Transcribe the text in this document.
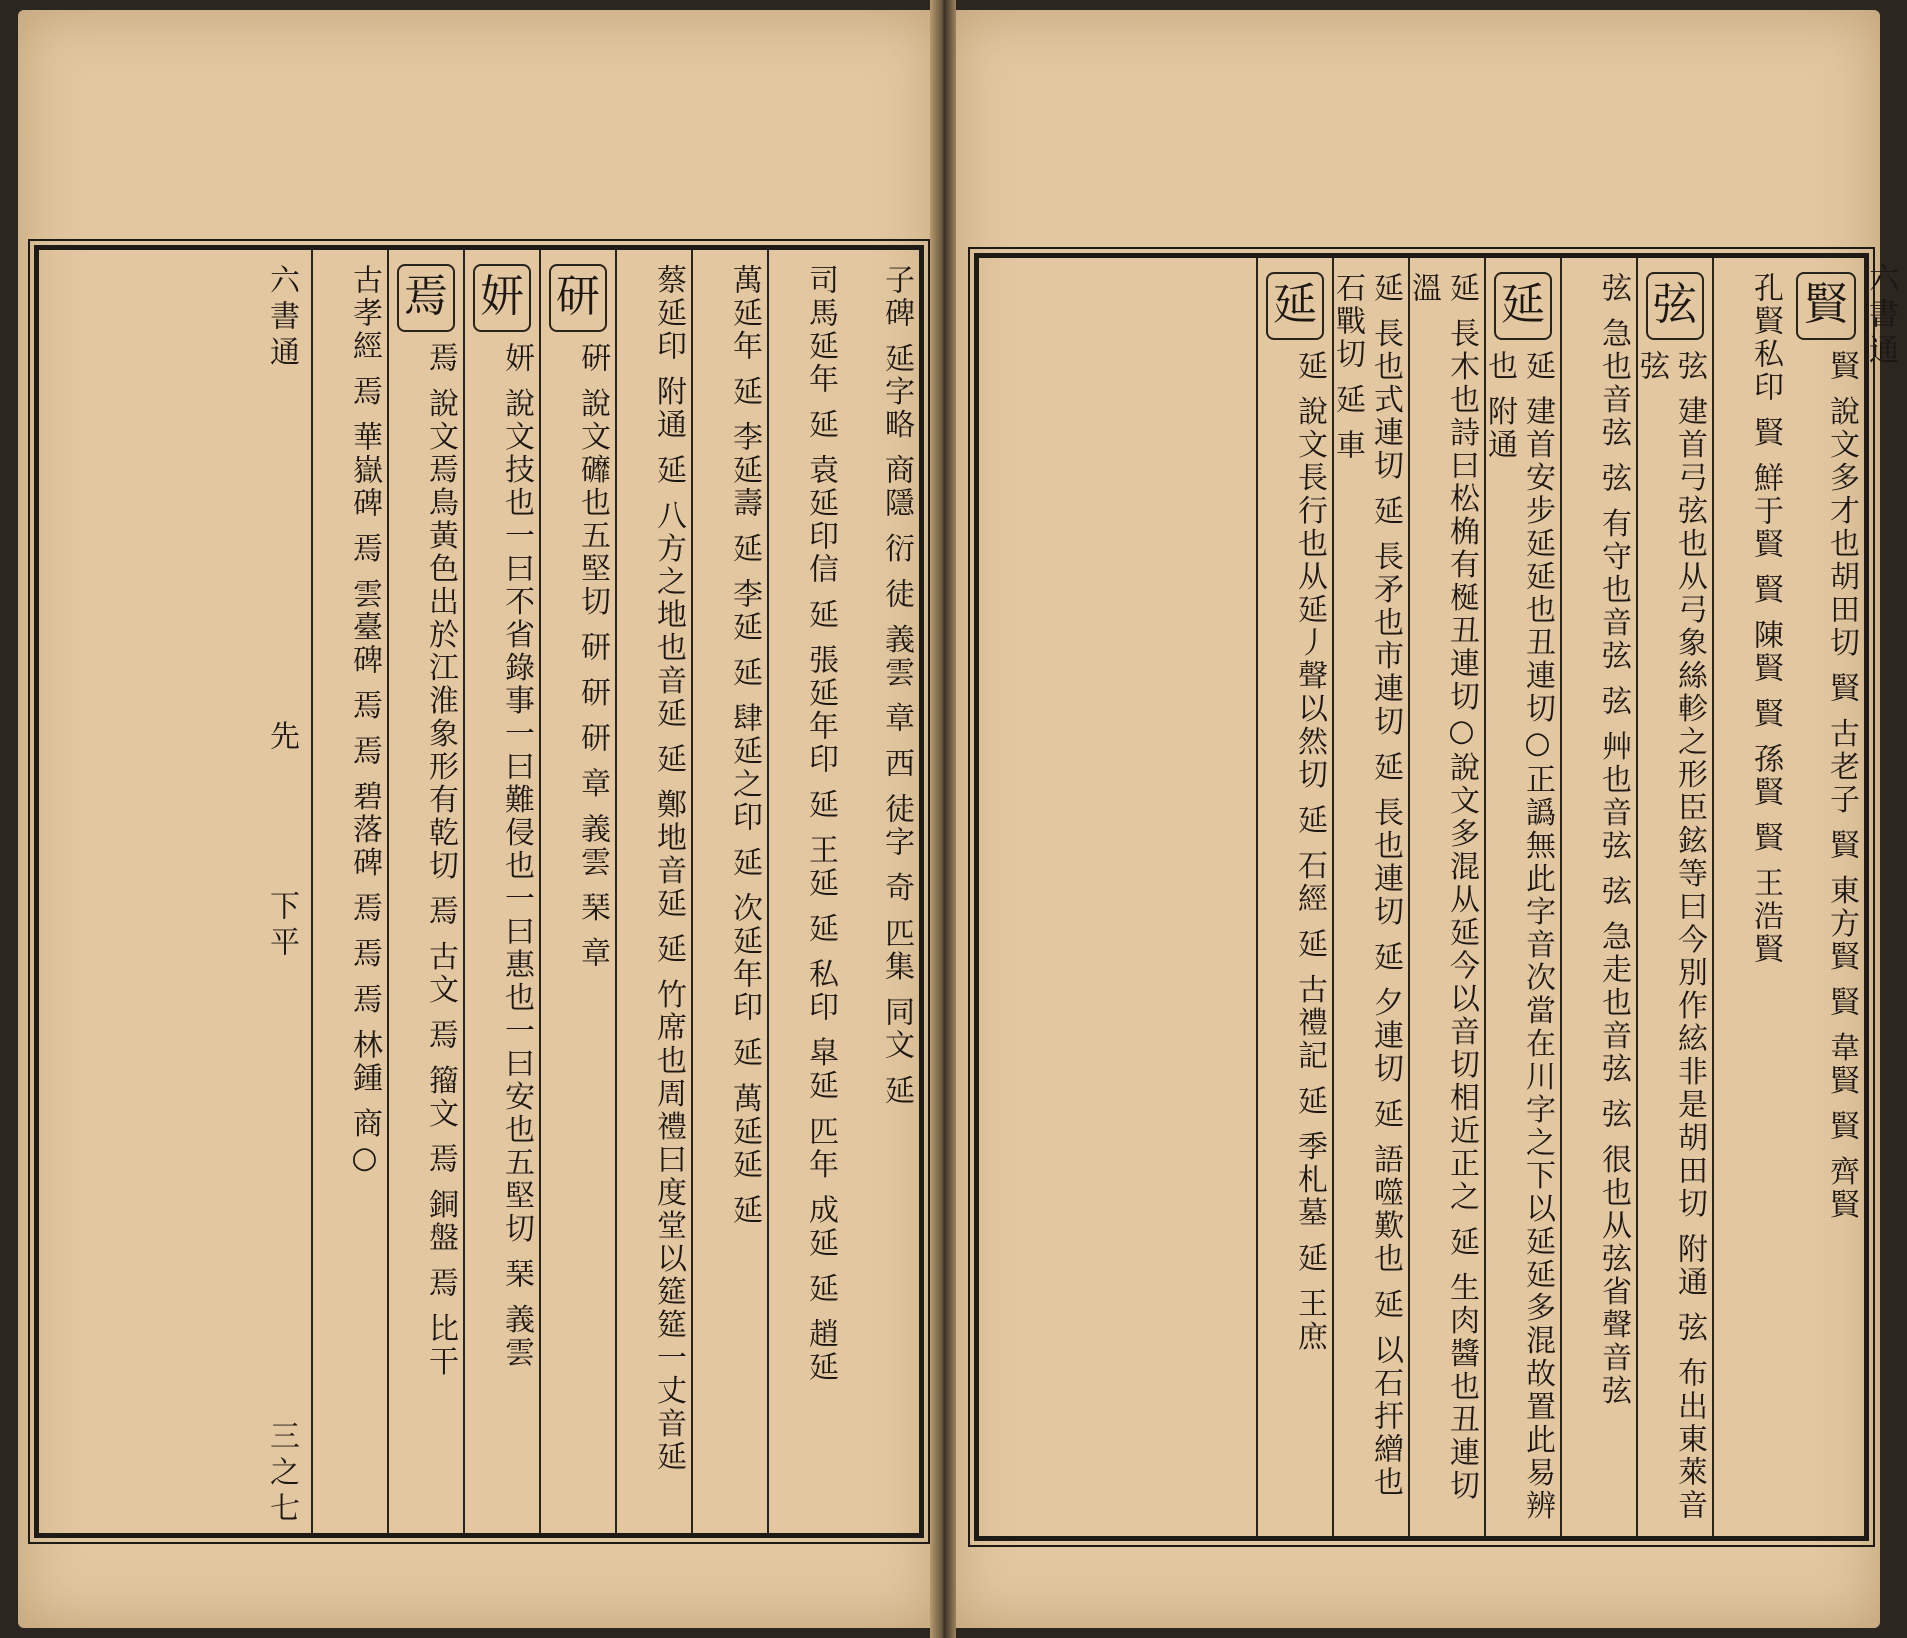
子碑 延字略 商隱 衍 徒 義雲 章 西 徒字 奇 匹集 同文 延
司馬延年 延 袁延印信 延 張延年印 延 王延 延 私印 皐延 匹年 成延 延 趙延
萬延年 延 李延壽 延 李延 延 肆延之印 延 次延年印 延 萬延延 延
蔡延印 附通 延 八方之地也音延 延 鄭地音延 延 竹席也周禮曰度堂以筵筵一丈音延
研
硏 說文䃺也五堅切 研 研 研 章 義雲 琹 章
妍
妍 說文技也一曰不省錄事一曰難侵也一曰惠也一曰安也五堅切 琹 義雲
焉
焉 說文焉鳥黃色出於江淮象形有乾切 焉 古文 焉 籀文 焉 銅盤 焉 比干
古孝經 焉 華嶽碑 焉 雲臺碑 焉 焉 碧落碑 焉 焉 焉 林鍾 商○
六書通
先
下平
三之七
賢
賢 說文多才也胡田切 賢 古老子 賢 東方賢 賢 韋賢 賢 齊賢
孔賢私印 賢 鮮于賢 賢 陳賢 賢 孫賢 賢 王浩賢
弦
弦 建首弓弦也从弓象絲軫之形臣鉉等曰今別作絃非是胡田切 附通 弦 布出東萊音弦
弦 急也音弦 弦 有守也音弦 弦 艸也音弦 弦 急走也音弦 弦 很也从弦省聲音弦
延
延 建首安步延延也丑連切○正譌無此字音次當在川字之下以延延多混故置此易辨也 附通
延 長木也詩曰松桷有梴丑連切○說文多混从延今以音切相近正之 延 生肉醬也丑連切 溫
延 長也式連切 延 長矛也市連切 延 長也連切 延 夕連切 延 語噬歎也 延 以石扞繒也石戰切 延 車
延
延 說文長行也从延丿聲以然切 延 石經 延 古禮記 延 季札墓 延 王庶
六書通
